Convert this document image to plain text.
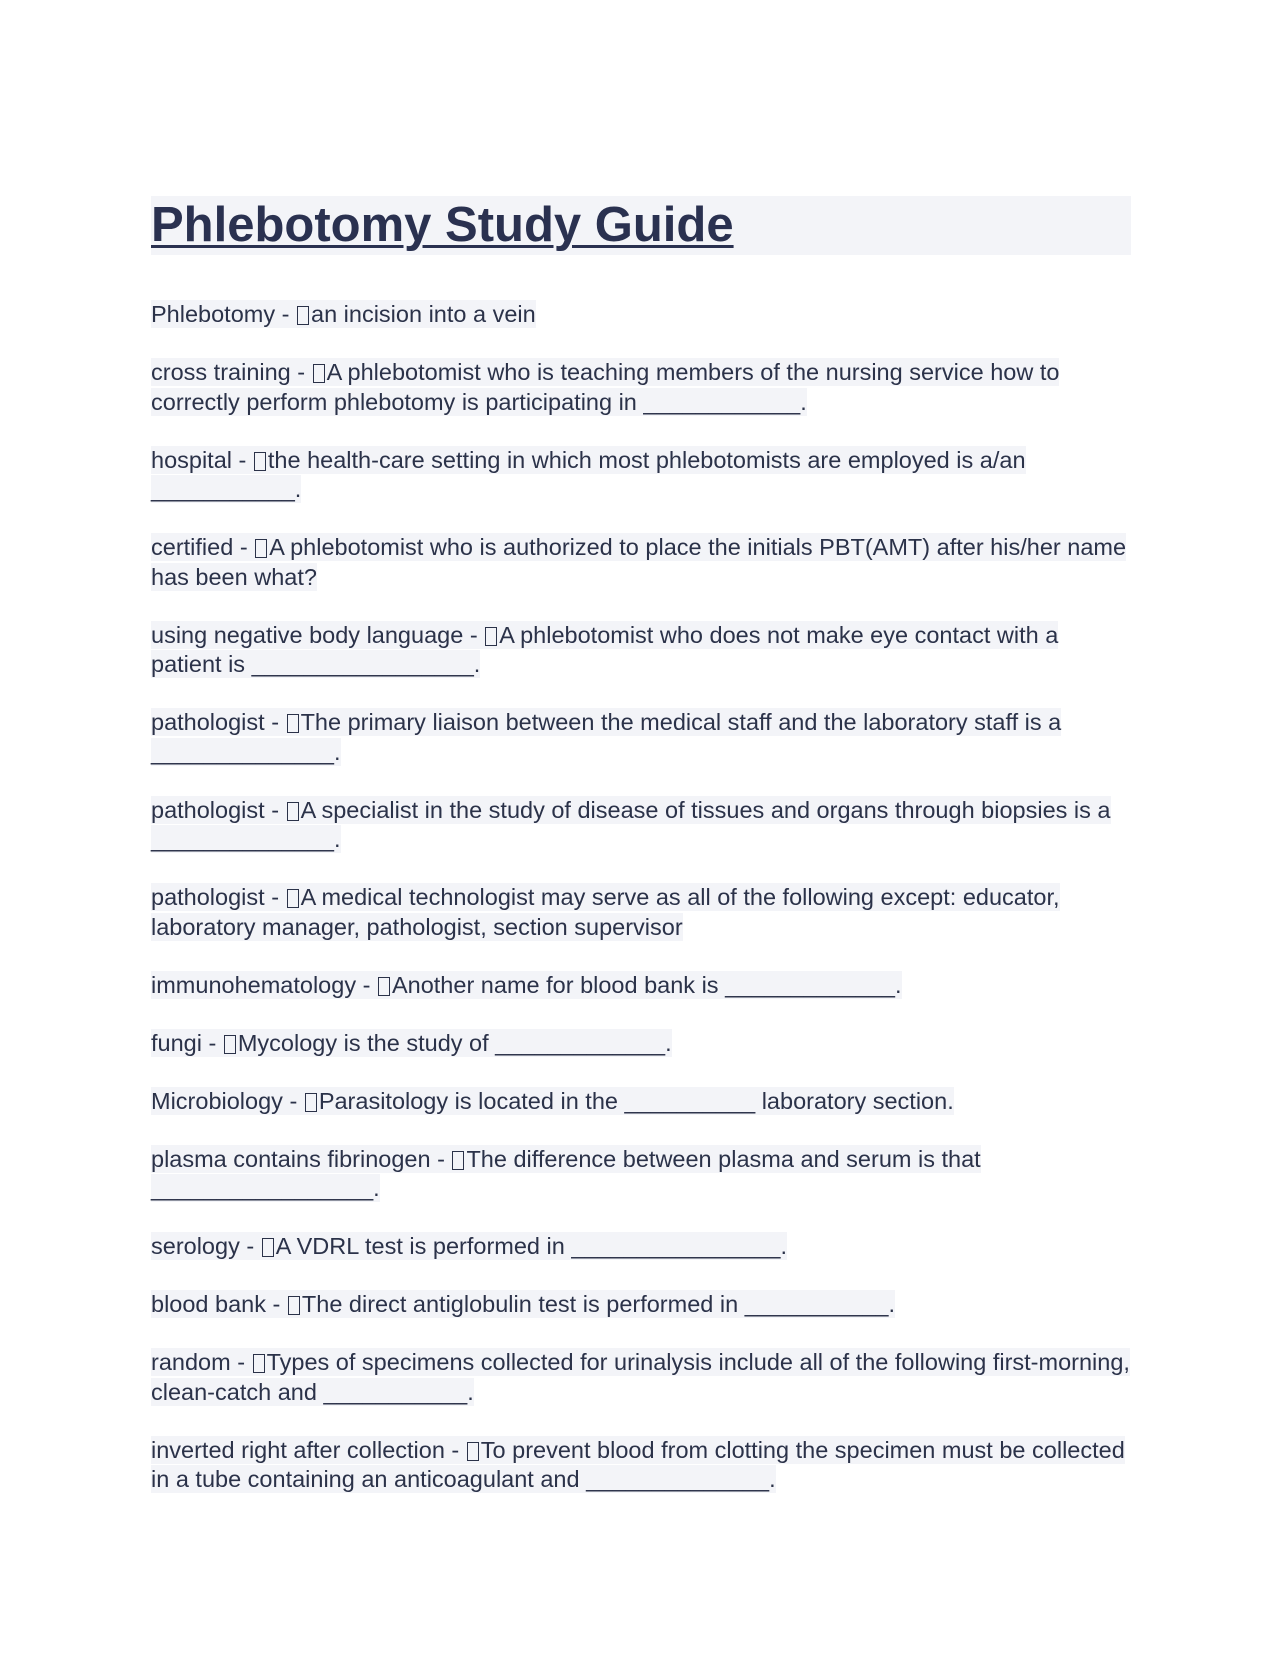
Phlebotomy Study Guide
Phlebotomy - an incision into a vein
cross training - A phlebotomist who is teaching members of the nursing service how to correctly perform phlebotomy is participating in ____________.
hospital - the health-care setting in which most phlebotomists are employed is a/an ___________.
certified - A phlebotomist who is authorized to place the initials PBT(AMT) after his/her name has been what?
using negative body language - A phlebotomist who does not make eye contact with a patient is _________________.
pathologist - The primary liaison between the medical staff and the laboratory staff is a ______________.
pathologist - A specialist in the study of disease of tissues and organs through biopsies is a ______________.
pathologist - A medical technologist may serve as all of the following except: educator, laboratory manager, pathologist, section supervisor
immunohematology - Another name for blood bank is _____________.
fungi - Mycology is the study of _____________.
Microbiology - Parasitology is located in the __________ laboratory section.
plasma contains fibrinogen - The difference between plasma and serum is that _________________.
serology - A VDRL test is performed in ________________.
blood bank - The direct antiglobulin test is performed in ___________.
random - Types of specimens collected for urinalysis include all of the following first-morning, clean-catch and ___________.
inverted right after collection - To prevent blood from clotting the specimen must be collected in a tube containing an anticoagulant and ______________.
